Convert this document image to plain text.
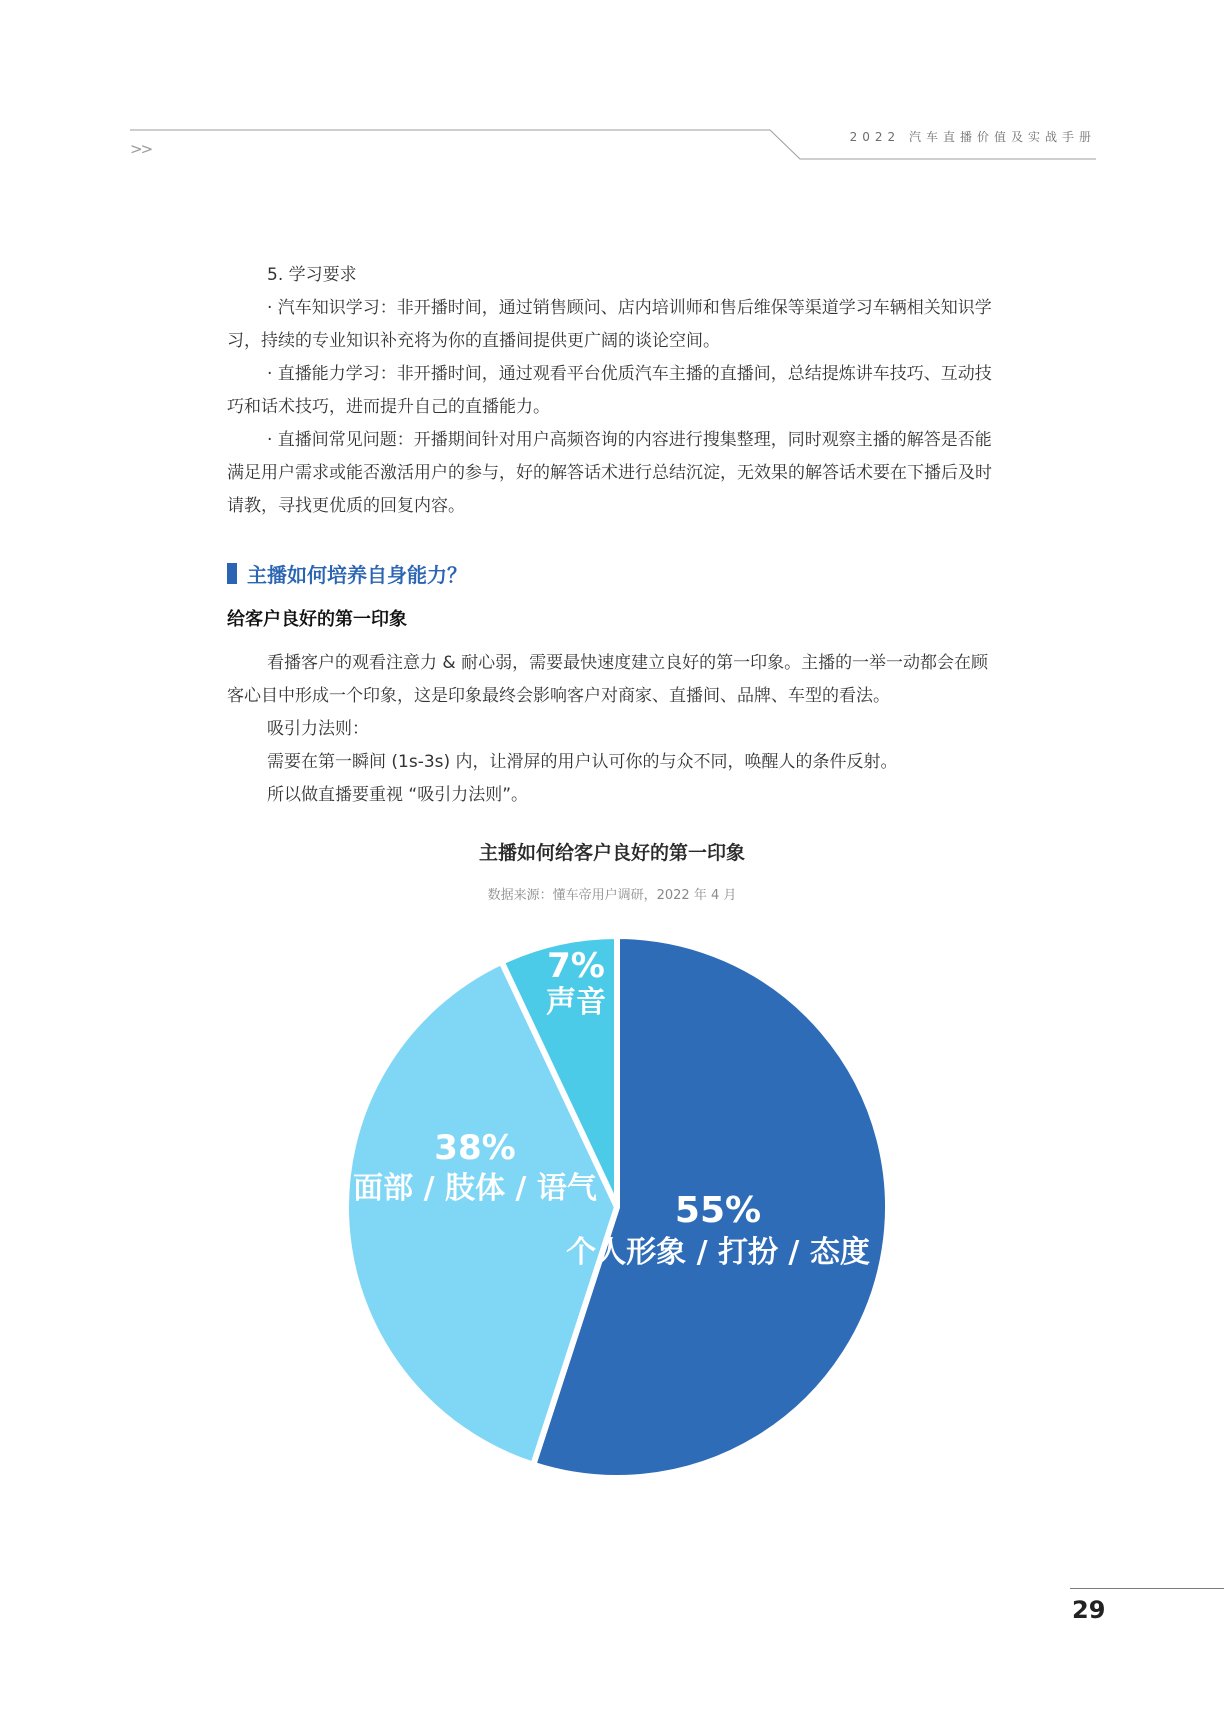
>>
2022 汽车直播价值及实战手册

5. 学习要求

· 汽车知识学习：非开播时间，通过销售顾问、店内培训师和售后维保等渠道学习车辆相关知识学习，持续的专业知识补充将为你的直播间提供更广阔的谈论空间。

· 直播能力学习：非开播时间，通过观看平台优质汽车主播的直播间，总结提炼讲车技巧、互动技巧和话术技巧，进而提升自己的直播能力。

· 直播间常见问题：开播期间针对用户高频咨询的内容进行搜集整理，同时观察主播的解答是否能满足用户需求或能否激活用户的参与，好的解答话术进行总结沉淀，无效果的解答话术要在下播后及时请教，寻找更优质的回复内容。

主播如何培养自身能力？
给客户良好的第一印象

看播客户的观看注意力 & 耐心弱，需要最快速度建立良好的第一印象。主播的一举一动都会在顾客心目中形成一个印象，这是印象最终会影响客户对商家、直播间、品牌、车型的看法。

吸引力法则：

需要在第一瞬间 (1s-3s) 内，让滑屏的用户认可你的与众不同，唤醒人的条件反射。

所以做直播要重视 “吸引力法则”。

主播如何给客户良好的第一印象
数据来源：懂车帝用户调研，2022 年 4 月
55%
个人形象 / 打扮 / 态度
38%
面部 / 肢体 / 语气
7%
声音
29
